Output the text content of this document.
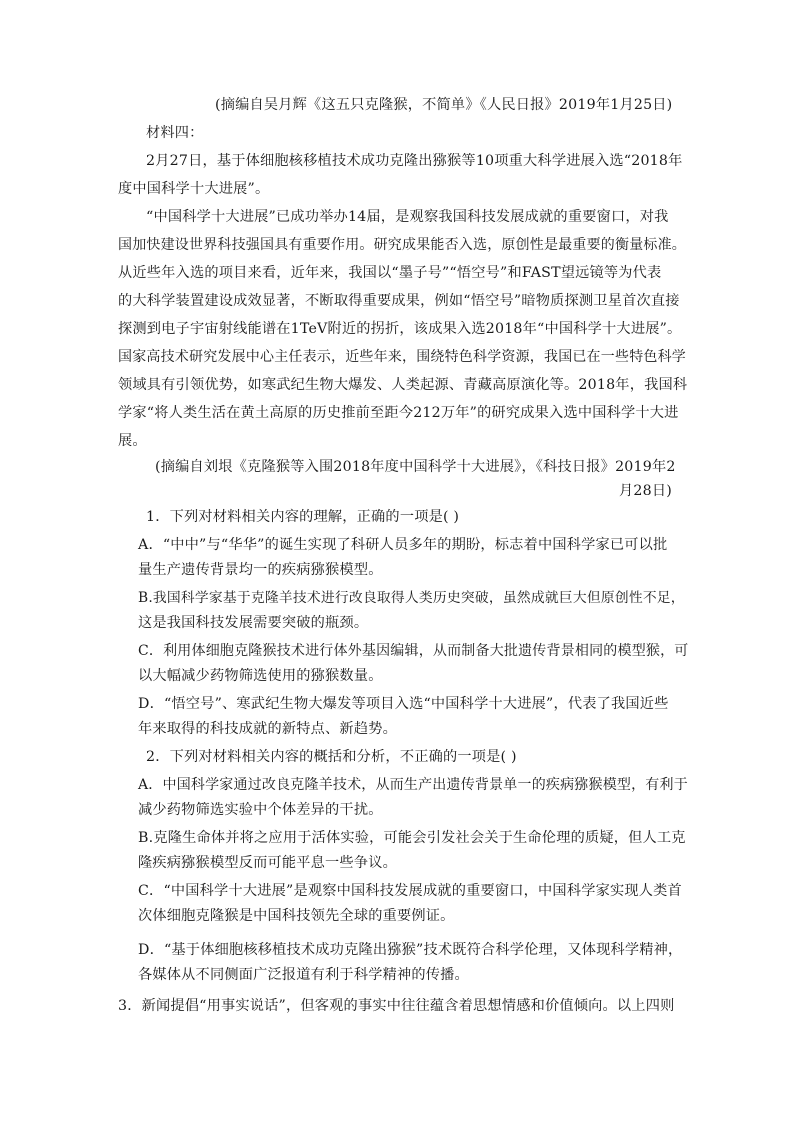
(摘编自吴月辉《这五只克隆猴，不简单》《人民日报》2019年1月25日)
材料四：
2月27日，基于体细胞核移植技术成功克隆出猕猴等10项重大科学进展入选“2018年
度中国科学十大进展”。
“中国科学十大进展”已成功举办14届，是观察我国科技发展成就的重要窗口，对我
国加快建设世界科技强国具有重要作用。研究成果能否入选，原创性是最重要的衡量标准。
从近些年入选的项目来看，近年来，我国以“墨子号”“悟空号”和FAST望远镜等为代表
的大科学装置建设成效显著，不断取得重要成果，例如“悟空号”暗物质探测卫星首次直接
探测到电子宇宙射线能谱在1TeV附近的拐折，该成果入选2018年“中国科学十大进展”。
国家高技术研究发展中心主任表示，近些年来，围绕特色科学资源，我国已在一些特色科学
领域具有引领优势，如寒武纪生物大爆发、人类起源、青藏高原演化等。2018年，我国科
学家“将人类生活在黄土高原的历史推前至距今212万年”的研究成果入选中国科学十大进
展。
(摘编自刘垠《克隆猴等入围2018年度中国科学十大进展》，《科技日报》2019年2
月28日)
1．下列对材料相关内容的理解，正确的一项是( )
A．“中中”与“华华”的诞生实现了科研人员多年的期盼，标志着中国科学家已可以批
量生产遗传背景均一的疾病猕猴模型。
B.我国科学家基于克隆羊技术进行改良取得人类历史突破，虽然成就巨大但原创性不足，
这是我国科技发展需要突破的瓶颈。
C．利用体细胞克隆猴技术进行体外基因编辑，从而制备大批遗传背景相同的模型猴，可
以大幅减少药物筛选使用的猕猴数量。
D．“悟空号”、寒武纪生物大爆发等项目入选“中国科学十大进展”，代表了我国近些
年来取得的科技成就的新特点、新趋势。
2．下列对材料相关内容的概括和分析，不正确的一项是( )
A．中国科学家通过改良克隆羊技术，从而生产出遗传背景单一的疾病猕猴模型，有利于
减少药物筛选实验中个体差异的干扰。
B.克隆生命体并将之应用于活体实验，可能会引发社会关于生命伦理的质疑，但人工克
隆疾病猕猴模型反而可能平息一些争议。
C．“中国科学十大进展”是观察中国科技发展成就的重要窗口，中国科学家实现人类首
次体细胞克隆猴是中国科技领先全球的重要例证。
D．“基于体细胞核移植技术成功克隆出猕猴”技术既符合科学伦理，又体现科学精神，
各媒体从不同侧面广泛报道有利于科学精神的传播。
3．新闻提倡“用事实说话”，但客观的事实中往往蕴含着思想情感和价值倾向。以上四则
